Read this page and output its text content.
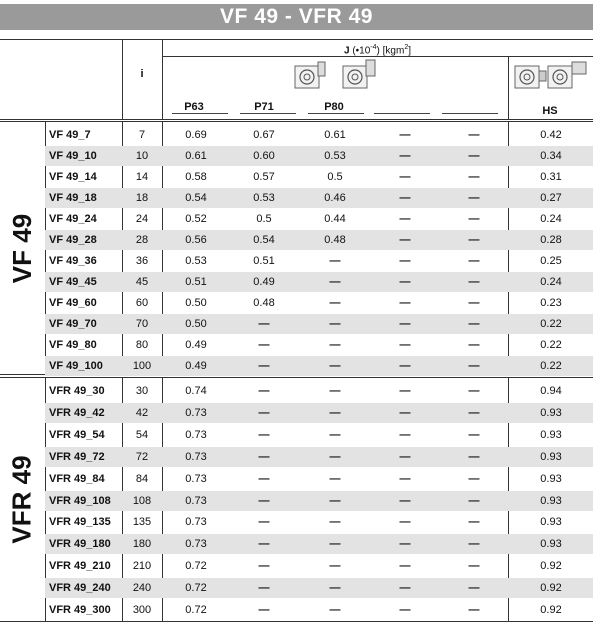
VF 49 - VFR 49
i
J $(•10^{-4})$ [kgm$^2$]
P63	P71	P80	HS
VF 49
VF 49_7	7	0.69	0.67	0.61	—	—	0.42
VF 49_10	10	0.61	0.60	0.53	—	—	0.34
VF 49_14	14	0.58	0.57	0.5	—	—	0.31
VF 49_18	18	0.54	0.53	0.46	—	—	0.27
VF 49_24	24	0.52	0.5	0.44	—	—	0.24
VF 49_28	28	0.56	0.54	0.48	—	—	0.28
VF 49_36	36	0.53	0.51	—	—	—	0.25
VF 49_45	45	0.51	0.49	—	—	—	0.24
VF 49_60	60	0.50	0.48	—	—	—	0.23
VF 49_70	70	0.50	—	—	—	—	0.22
VF 49_80	80	0.49	—	—	—	—	0.22
VF 49_100	100	0.49	—	—	—	—	0.22
VFR 49
VFR 49_30	30	0.74	—	—	—	—	0.94
VFR 49_42	42	0.73	—	—	—	—	0.93
VFR 49_54	54	0.73	—	—	—	—	0.93
VFR 49_72	72	0.73	—	—	—	—	0.93
VFR 49_84	84	0.73	—	—	—	—	0.93
VFR 49_108	108	0.73	—	—	—	—	0.93
VFR 49_135	135	0.73	—	—	—	—	0.93
VFR 49_180	180	0.73	—	—	—	—	0.93
VFR 49_210	210	0.72	—	—	—	—	0.92
VFR 49_240	240	0.72	—	—	—	—	0.92
VFR 49_300	300	0.72	—	—	—	—	0.92
